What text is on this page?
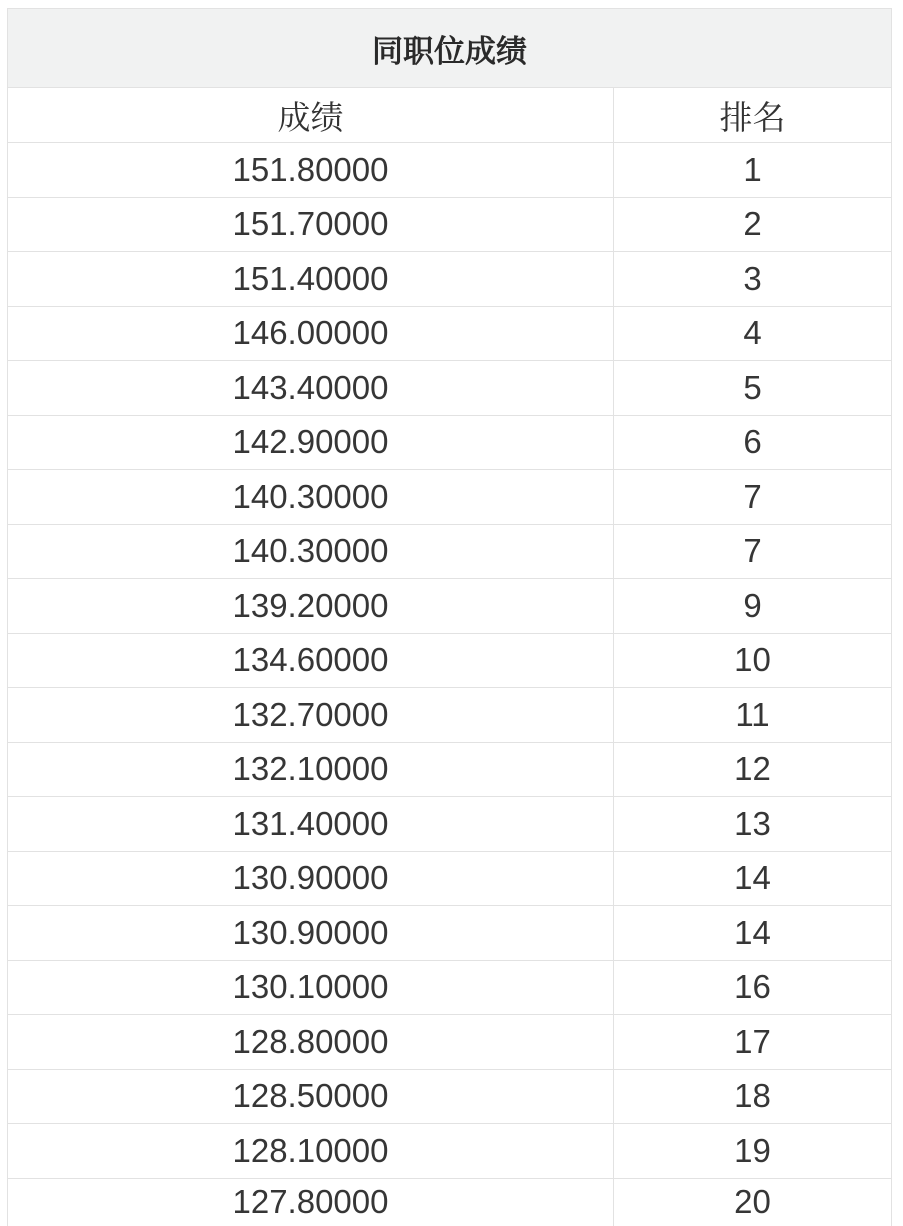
同职位成绩
成绩	排名
151.80000	1
151.70000	2
151.40000	3
146.00000	4
143.40000	5
142.90000	6
140.30000	7
140.30000	7
139.20000	9
134.60000	10
132.70000	11
132.10000	12
131.40000	13
130.90000	14
130.90000	14
130.10000	16
128.80000	17
128.50000	18
128.10000	19
127.80000	20
